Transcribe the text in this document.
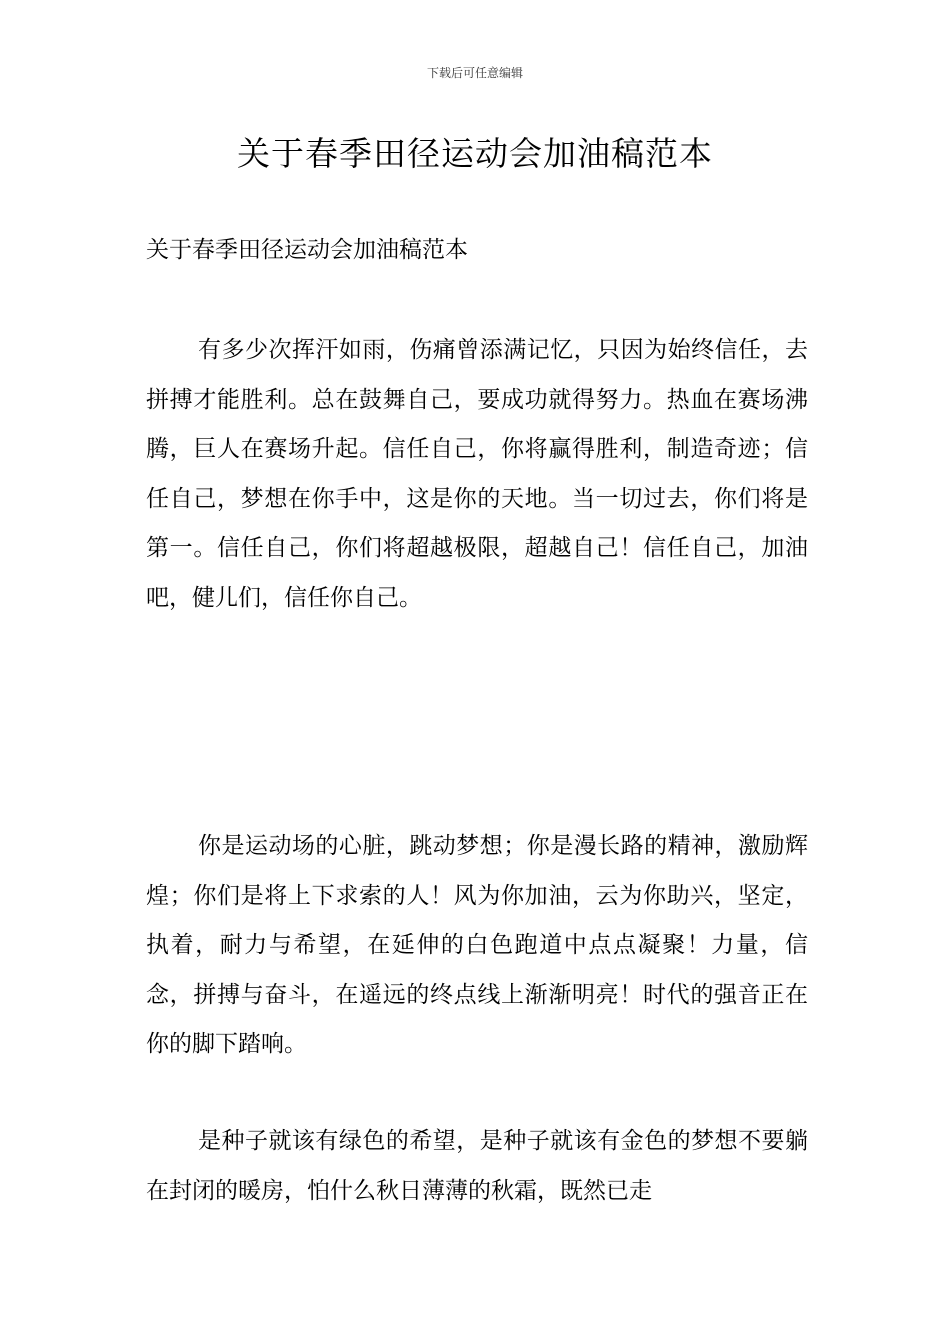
下载后可任意编辑
关于春季田径运动会加油稿范本
关于春季田径运动会加油稿范本
有多少次挥汗如雨，伤痛曾添满记忆，只因为始终信任，去拼搏才能胜利。总在鼓舞自己，要成功就得努力。热血在赛场沸腾，巨人在赛场升起。信任自己，你将赢得胜利，制造奇迹；信任自己，梦想在你手中，这是你的天地。当一切过去，你们将是第一。信任自己，你们将超越极限，超越自己！信任自己，加油吧，健儿们，信任你自己。
你是运动场的心脏，跳动梦想；你是漫长路的精神，激励辉煌；你们是将上下求索的人！风为你加油，云为你助兴，坚定，执着，耐力与希望，在延伸的白色跑道中点点凝聚！力量，信念，拼搏与奋斗，在遥远的终点线上渐渐明亮！时代的强音正在你的脚下踏响。
是种子就该有绿色的希望，是种子就该有金色的梦想不要躺在封闭的暖房，怕什么秋日薄薄的秋霜，既然已走
